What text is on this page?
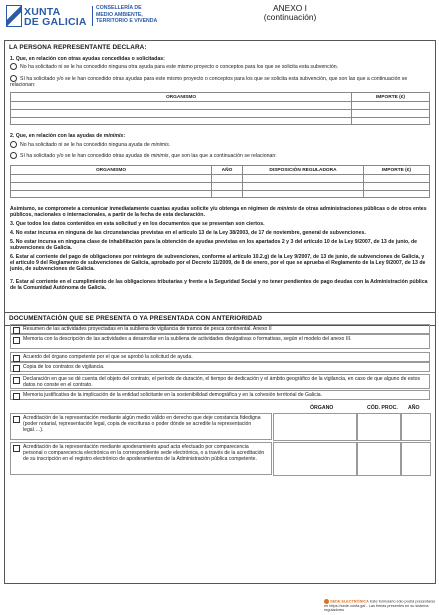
XUNTA
DE GALICIA
CONSELLERÍA DE
MEDIO AMBIENTE,
TERRITORIO E VIVENDA
ANEXO I
(continuación)
LA PERSONA REPRESENTANTE DECLARA:
1. Que, en relación con otras ayudas concedidas o solicitadas:
No ha solicitado ni se le ha concedido ninguna otra ayuda para este mismo proyecto o conceptos para los que se solicita esta subvención.
Sí ha solicitado y/o se le han concedido otras ayudas para este mismo proyecto o conceptos para los que se solicita esta subvención, que son las que a continuación se relacionan:
ORGANISMO	IMPORTE (€)

2. Que, en relación con las ayudas de minimis:
No ha solicitado ni se le ha concedido ninguna ayuda de minimis.
Sí ha solicitado y/o se le han concedido otras ayudas de minimis, que son las que a continuación se relacionan:
ORGANISMO	AÑO	DISPOSICIÓN REGULADORA	IMPORTE (€)

Asimismo, se compromete a comunicar inmediatamente cuantas ayudas solicite y/u obtenga en régimen de minimis de otras administraciones públicas o de otros entes públicos, nacionales o internacionales, a partir de la fecha de esta declaración.
3. Que todos los datos contenidos en esta solicitud y en los documentos que se presentan son ciertos.
4. No estar incursa en ninguna de las circunstancias previstas en el artículo 13 de la Ley 38/2003, de 17 de noviembre, general de subvenciones.
5. No estar incursa en ninguna clase de inhabilitación para la obtención de ayudas previstas en los apartados 2 y 3 del artículo 10 de la Ley 9/2007, de 13 de junio, de subvenciones de Galicia.
6. Estar al corriente del pago de obligaciones por reintegro de subvenciones, conforme al artículo 10.2.g) de la Ley 9/2007, de 13 de junio, de subvenciones de Galicia, y el artículo 9 del Reglamento de subvenciones de Galicia, aprobado por el Decreto 11/2009, de 8 de enero, por el que se aprueba el Reglamento de la Ley 9/2007, de 13 de junio, de subvenciones de Galicia.
7. Estar al corriente en el cumplimiento de las obligaciones tributarias y frente a la Seguridad Social y no tener pendientes de pago deudas con la Administración pública de la Comunidad Autónoma de Galicia.
DOCUMENTACIÓN QUE SE PRESENTA O YA PRESENTADA CON ANTERIORIDAD
Resumen de las actividades proyectadas en la subliena de vigilancia de tramos de pesca continental. Anexo II
Memoria con la descripción de las actividades a desarrollar en la subliena de actividades divulgativas o formativas, según el modelo del anexo III.
Acuerdo del órgano competente por el que se aprobó la solicitud de ayuda.
Copia de los contratos de vigilancia.
Declaración en que se dé cuenta del objeto del contrato, el período de duración, el tiempo de dedicación y el ámbito geográfico de la vigilancia, en caso de que alguno de estos datos no conste en el contrato.
Memoria justificativa de la implicación de la entidad solicitante en la sostenibilidad demográfica y en la cohesión territorial de Galicia.
ÓRGANO	CÓD. PROC. AÑO
Acreditación de la representación mediante algún medio válido en derecho que deje constancia fidedigna (poder notarial, representación legal, copia de escrituras o poder dónde se acredite la representación legal….).
Acreditación de la representación mediante apoderamiento apud acta efectuado por comparecencia personal o comparecencia electrónica en la correspondiente sede electrónica, o a través de la acreditación de su inscripción en el registro electrónico de apoderamientos de la Administración pública competente.
SEDE ELECTRÓNICA Este formulario sólo podrá presentarse en https://sede.xunta.gal - Las firmas presentes en su sistema reguladores
